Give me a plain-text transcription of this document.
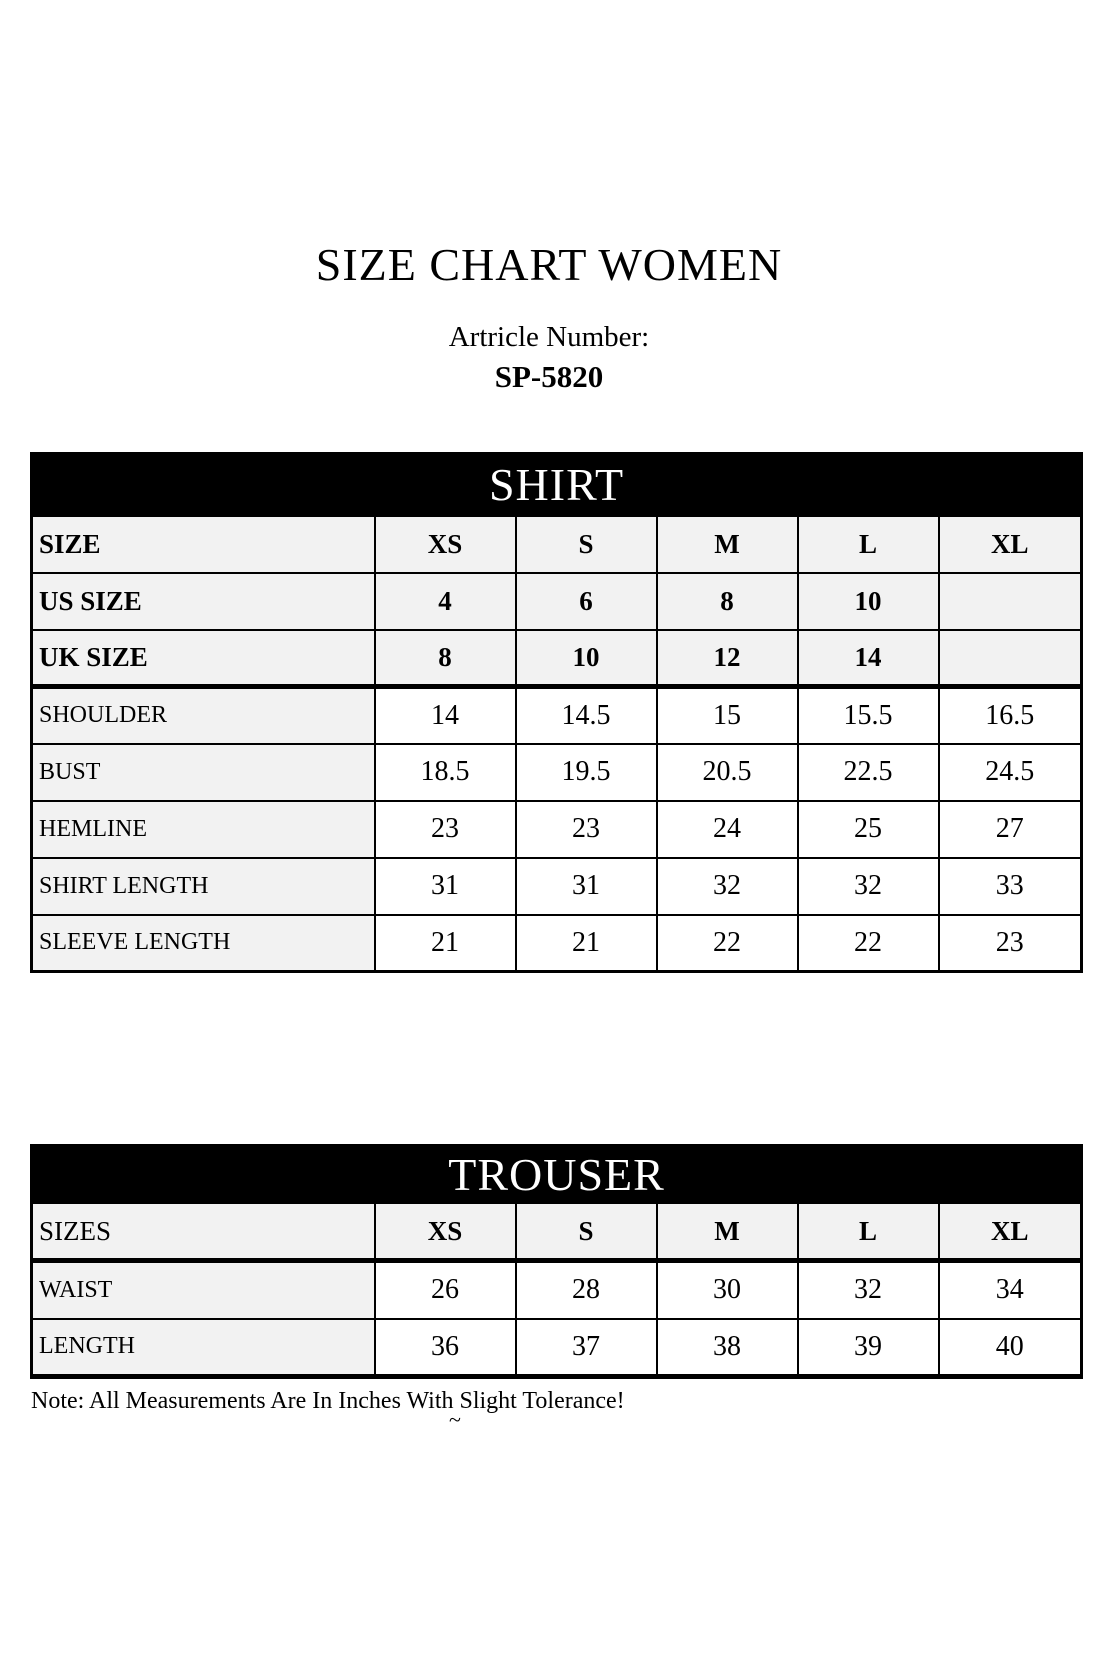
SIZE CHART WOMEN
Artricle Number:
SP-5820
SHIRT					
SIZE	XS	S	M	L	XL
US SIZE	4	6	8	10	
UK SIZE	8	10	12	14	
SHOULDER	14	14.5	15	15.5	16.5
BUST	18.5	19.5	20.5	22.5	24.5
HEMLINE	23	23	24	25	27
SHIRT LENGTH	31	31	32	32	33
SLEEVE LENGTH	21	21	22	22	23
TROUSER					
SIZES	XS	S	M	L	XL
WAIST	26	28	30	32	34
LENGTH	36	37	38	39	40
Note: All Measurements Are In Inches With Slight Tolerance!
~
